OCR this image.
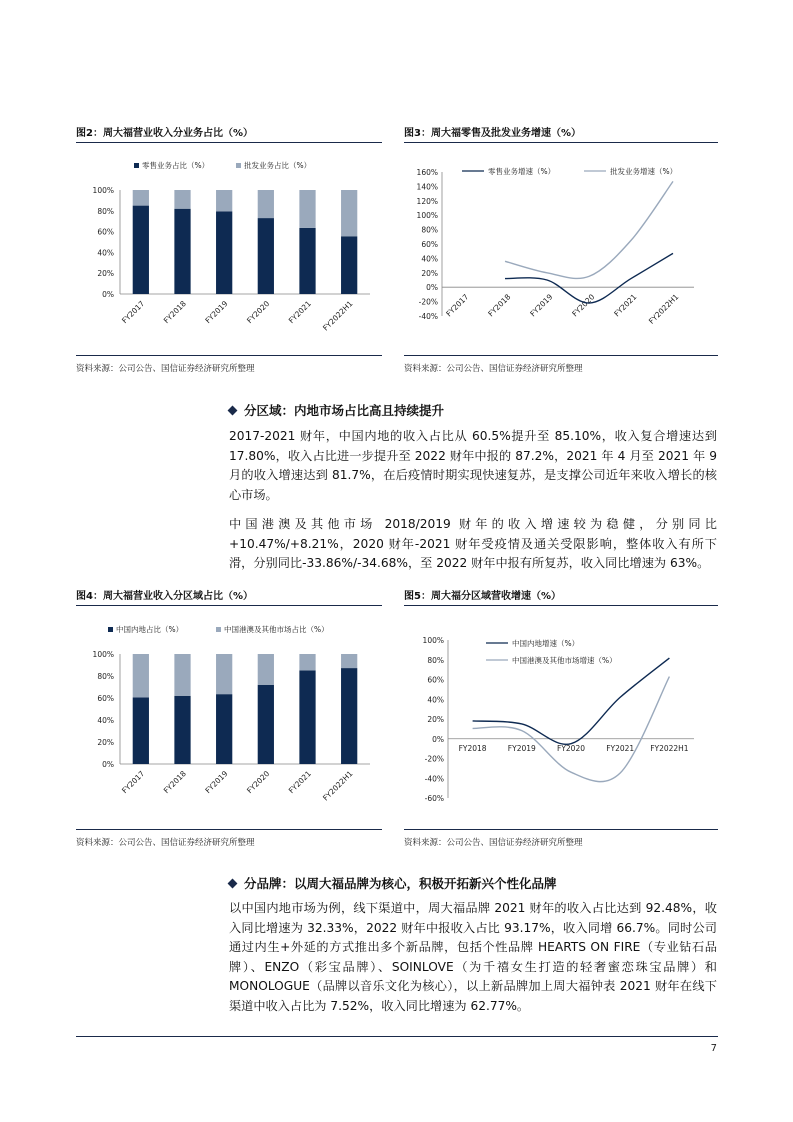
图2：周大福营业收入分业务占比（%）
零售业务占比（%）	批发业务占比（%）
0%
20%
40%
60%
80%
100%
FY2017 FY2018 FY2019 FY2020 FY2021 FY2022H1
资料来源：公司公告、国信证券经济研究所整理
图3：周大福零售及批发业务增速（%）
零售业务增速（%）	批发业务增速（%）
-40%
-20%
0%
20%
40%
60%
80%
100%
120%
140%
160%
FY2017 FY2018 FY2019 FY2020 FY2021 FY2022H1
资料来源：公司公告、国信证券经济研究所整理
分区域：内地市场占比高且持续提升

2017-2021 财年，中国内地的收入占比从 60.5%提升至 85.10%，收入复合增速达到 17.80%，收入占比进一步提升至 2022 财年中报的 87.2%，2021 年 4 月至 2021 年 9 月的收入增速达到 81.7%，在后疫情时期实现快速复苏，是支撑公司近年来收入增长的核心市场。

中国港澳及其他市场 2018/2019 财年的收入增速较为稳健，分别同比+10.47%/+8.21%，2020 财年-2021 财年受疫情及通关受限影响，整体收入有所下滑，分别同比-33.86%/-34.68%，至 2022 财年中报有所复苏，收入同比增速为 63%。

图4：周大福营业收入分区域占比（%）
中国内地占比（%）	中国港澳及其他市场占比（%）
0%
20%
40%
60%
80%
100%
FY2017 FY2018 FY2019 FY2020 FY2021 FY2022H1
资料来源：公司公告、国信证券经济研究所整理
图5：周大福分区域营收增速（%）
中国内地增速（%）
中国港澳及其他市场增速（%）
-60%
-40%
-20%
0%
20%
40%
60%
80%
100%
FY2018	FY2019	FY2020	FY2021 FY2022H1
资料来源：公司公告、国信证券经济研究所整理
分品牌：以周大福品牌为核心，积极开拓新兴个性化品牌

以中国内地市场为例，线下渠道中，周大福品牌 2021 财年的收入占比达到 92.48%，收入同比增速为 32.33%，2022 财年中报收入占比 93.17%，收入同增 66.7%。同时公司通过内生+外延的方式推出多个新品牌，包括个性品牌 HEARTS ON FIRE（专业钻石品牌）、ENZO（彩宝品牌）、SOINLOVE（为千禧女生打造的轻奢蜜恋珠宝品牌）和 MONOLOGUE（品牌以音乐文化为核心），以上新品牌加上周大福钟表 2021 财年在线下渠道中收入占比为 7.52%，收入同比增速为 62.77%。

7
